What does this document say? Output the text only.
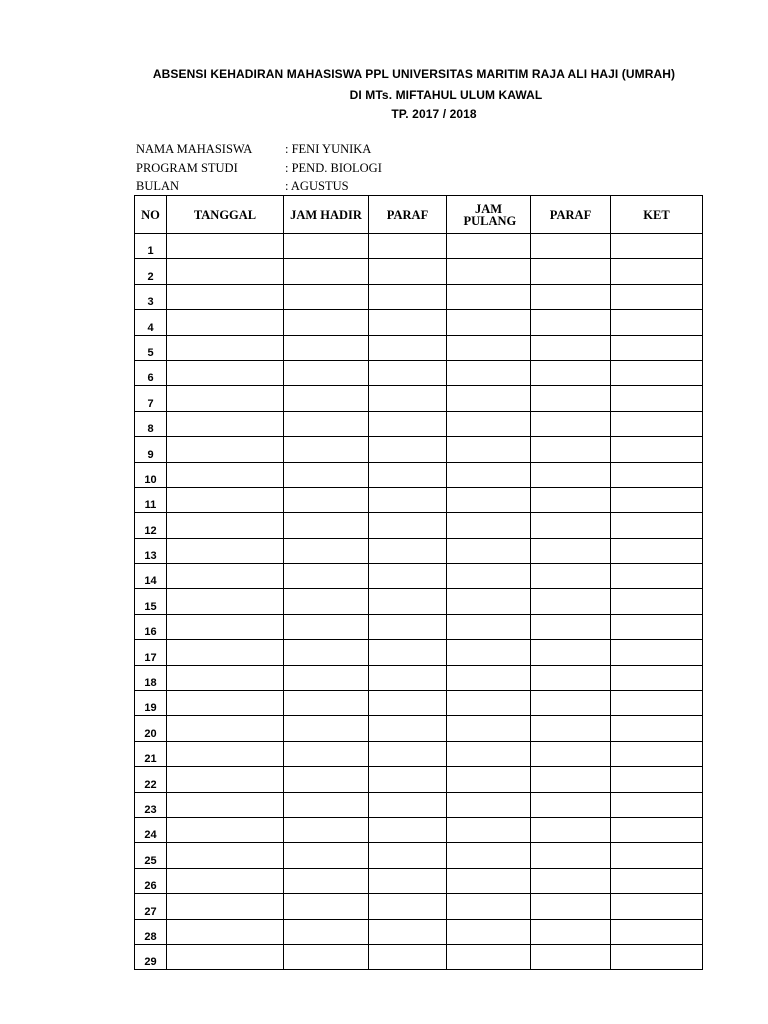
ABSENSI KEHADIRAN MAHASISWA PPL UNIVERSITAS MARITIM RAJA ALI HAJI (UMRAH)
DI MTs. MIFTAHUL ULUM KAWAL
TP. 2017 / 2018
NAMA MAHASISWA	: FENI YUNIKA
PROGRAM STUDI	: PEND. BIOLOGI
BULAN	: AGUSTUS
NO	TANGGAL	JAM HADIR	PARAF	JAM PULANG	PARAF	KET
1						
2						
3						
4						
5						
6						
7						
8						
9						
10						
11						
12						
13						
14						
15						
16						
17						
18						
19						
20						
21						
22						
23						
24						
25						
26						
27						
28						
29						
